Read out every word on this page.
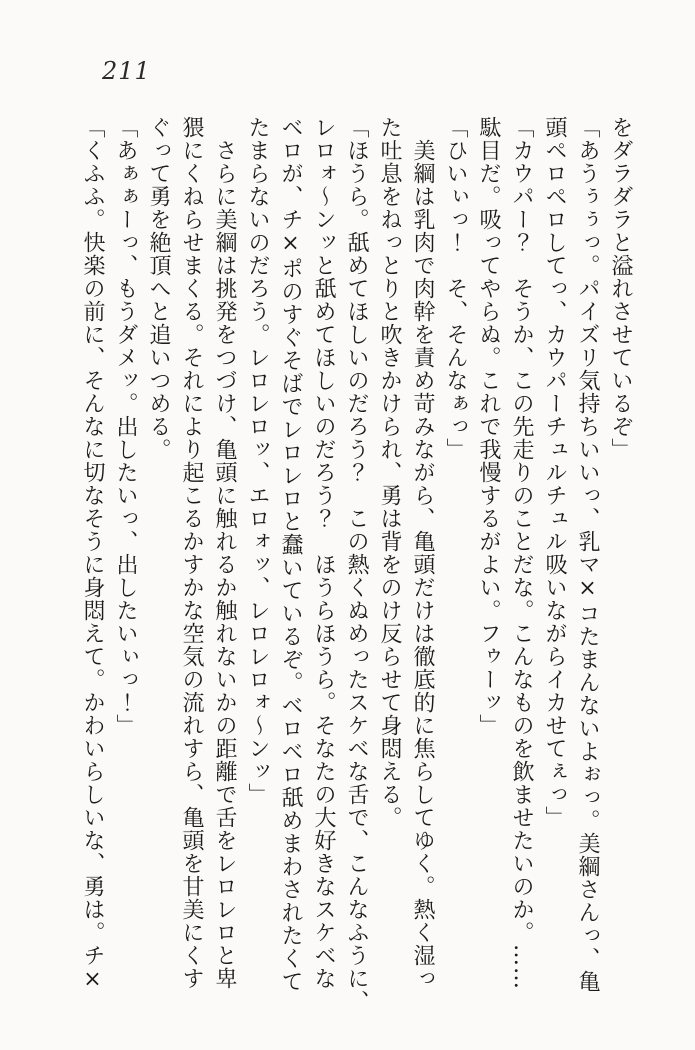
211
をダラダラと溢れさせているぞ」
「あうぅぅっ。パイズリ気持ちいいっ、乳マ×コたまんないよぉっ。美綱さんっ、亀
頭ペロペロしてっ、カウパーチュルチュル吸いながらイカせてぇっ」
「カウパー？　そうか、この先走りのことだな。こんなものを飲ませたいのか。……
駄目だ。吸ってやらぬ。これで我慢するがよい。フゥーッ」
「ひいぃっ！　そ、そんなぁっ」
　美綱は乳肉で肉幹を責め苛みながら、亀頭だけは徹底的に焦らしてゆく。熱く湿っ
た吐息をねっとりと吹きかけられ、勇は背をのけ反らせて身悶える。
「ほうら。舐めてほしいのだろう？　この熱くぬめったスケベな舌で、こんなふうに、
レロォ～ンッと舐めてほしいのだろう？　ほうらほうら。そなたの大好きなスケベな
ベロが、チ×ポのすぐそばでレロレロと蠢いているぞ。ベロベロ舐めまわされたくて
たまらないのだろう。レロレロッ、エロォッ、レロレロォ～ンッ」
　さらに美綱は挑発をつづけ、亀頭に触れるか触れないかの距離で舌をレロレロと卑
猥にくねらせまくる。それにより起こるかすかな空気の流れすら、亀頭を甘美にくす
ぐって勇を絶頂へと追いつめる。
「あぁぁーっ、もうダメッ。出したいっ、出したいぃっ！」
「くふふ。快楽の前に、そんなに切なそうに身悶えて。かわいらしいな、勇は。チ×
